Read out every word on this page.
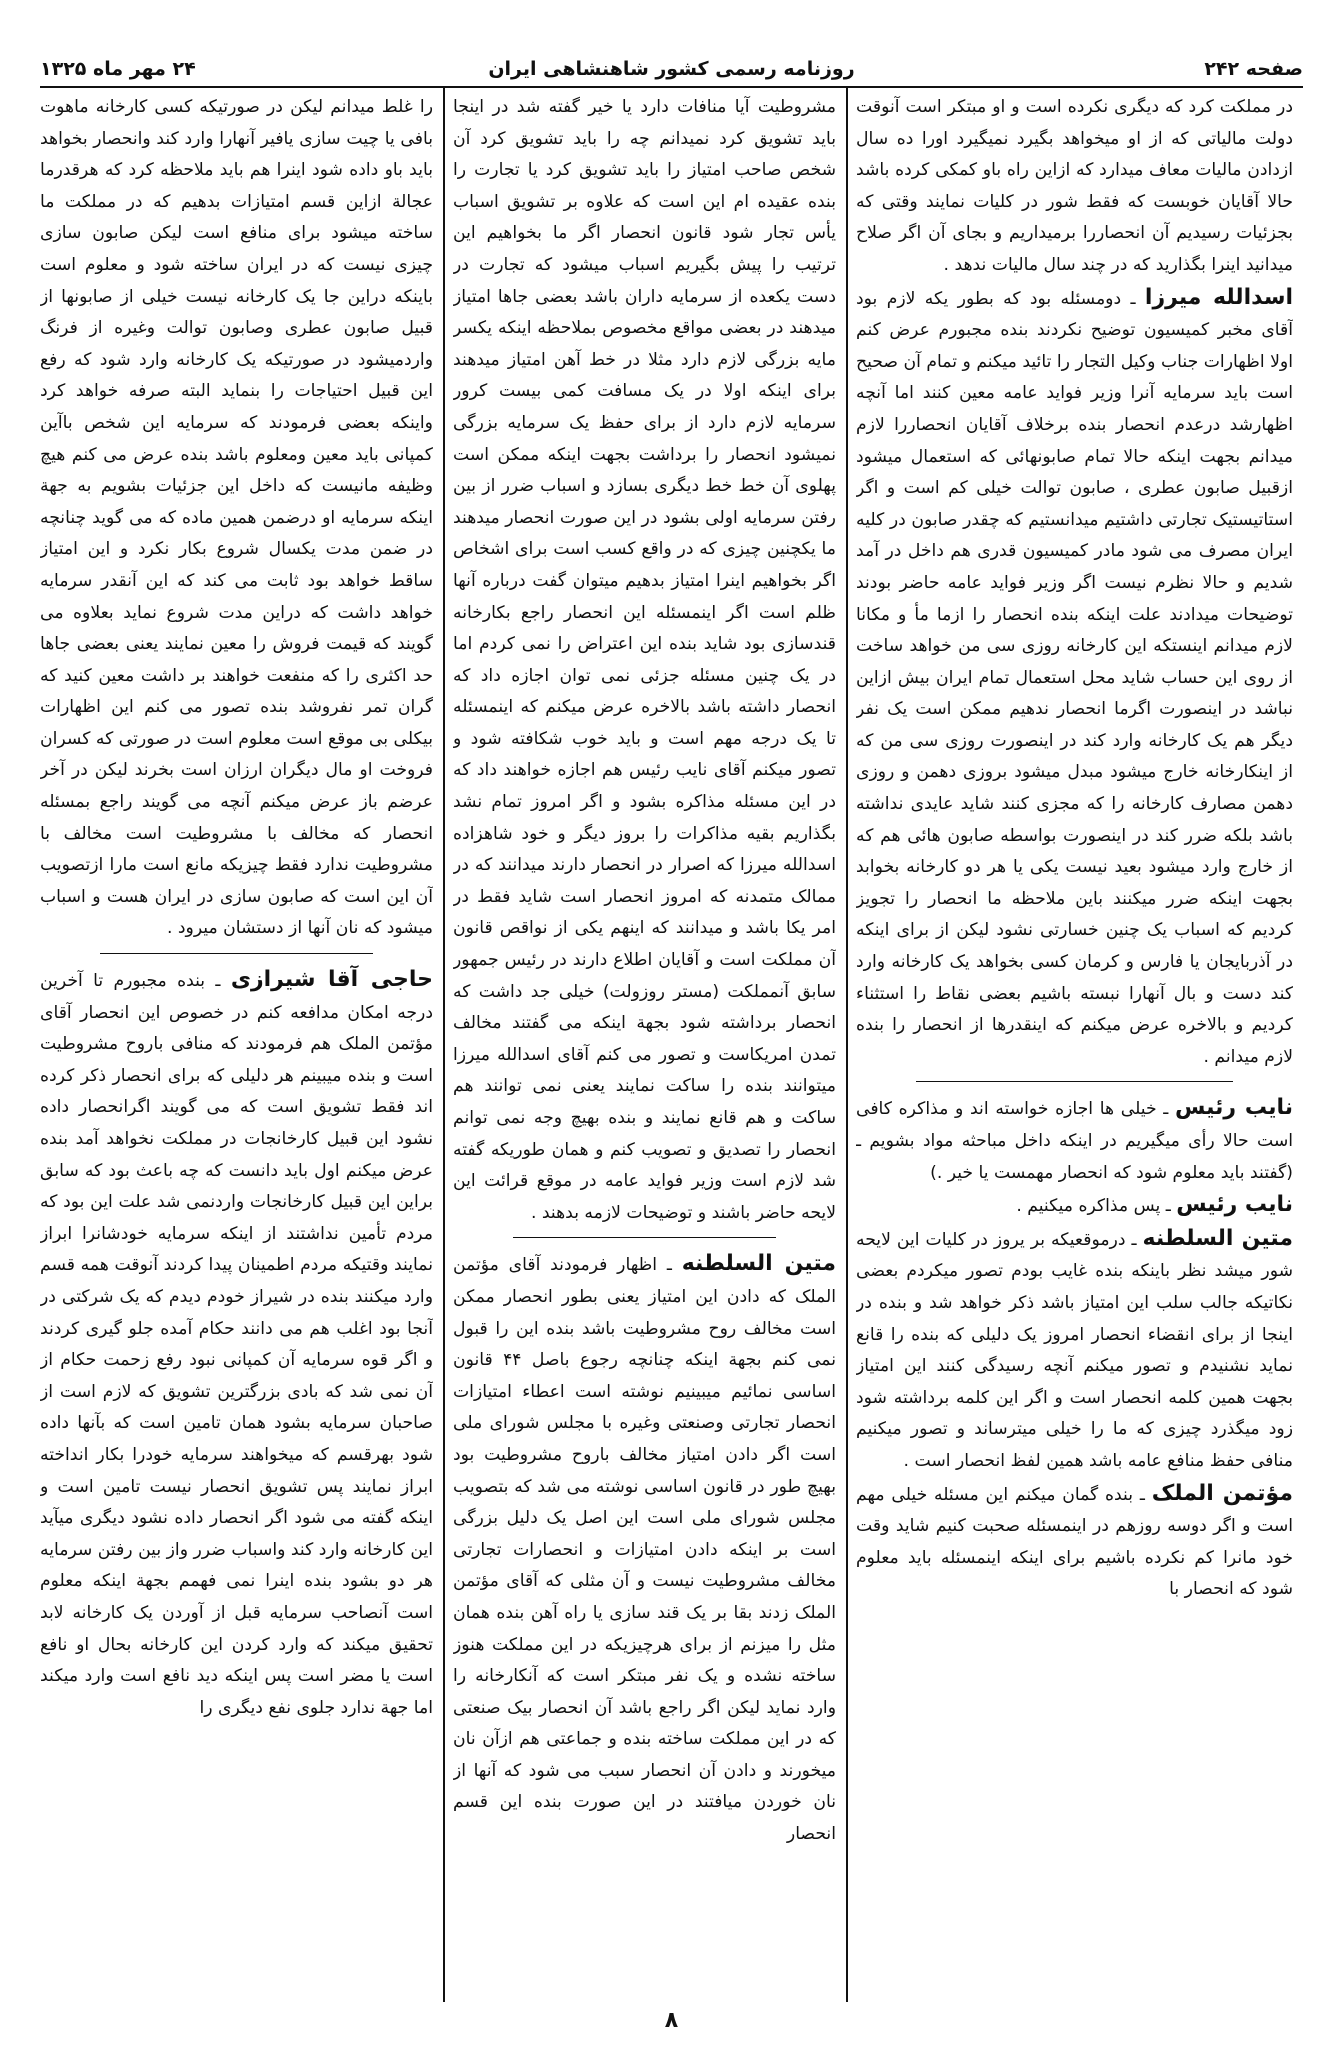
صفحه ۲۴۲
روزنامه رسمی کشور شاهنشاهی ایران
۲۴ مهر ماه ۱۳۲۵

در مملکت کرد که دیگری نکرده است و او مبتکر است آنوقت دولت مالیاتی که از او میخواهد بگیرد نمیگیرد اورا ده سال ازدادن مالیات معاف میدارد که ازاین راه باو کمکی کرده باشد حالا آقایان خوبست که فقط شور در کلیات نمایند وقتی که بجزئیات رسیدیم آن انحصاررا برمیداریم و بجای آن اگر صلاح میدانید اینرا بگذارید که در چند سال مالیات ندهد .

اسدالله میرزا ـ دومسئله بود که بطور یکه لازم بود آقای مخبر کمیسیون توضیح نکردند بنده مجبورم عرض کنم اولا اظهارات جناب وکیل التجار را تائید میکنم و تمام آن صحیح است باید سرمایه آنرا وزیر فواید عامه معین کنند اما آنچه اظهارشد درعدم انحصار بنده برخلاف آقایان انحصاررا لازم میدانم بجهت اینکه حالا تمام صابونهائی که استعمال میشود ازقبیل صابون عطری ، صابون توالت خیلی کم است و اگر استاتیستیک تجارتی داشتیم میدانستیم که چقدر صابون در کلیه ایران مصرف می شود مادر کمیسیون قدری هم داخل در آمد شدیم و حالا نظرم نیست اگر وزیر فواید عامه حاضر بودند توضیحات میدادند علت اینکه بنده انحصار را ازما مأ و مکانا لازم میدانم اینستکه این کارخانه روزی سی من خواهد ساخت از روی این حساب شاید محل استعمال تمام ایران بیش ازاین نباشد در اینصورت اگرما انحصار ندهیم ممکن است یک نفر دیگر هم یک کارخانه وارد کند در اینصورت روزی سی من که از اینکارخانه خارج میشود مبدل میشود بروزی دهمن و روزی دهمن مصارف کارخانه را که مجزی کنند شاید عایدی نداشته باشد بلکه ضرر کند در اینصورت بواسطه صابون هائی هم که از خارج وارد میشود بعید نیست یکی یا هر دو کارخانه بخوابد بجهت اینکه ضرر میکنند باین ملاحظه ما انحصار را تجویز کردیم که اسباب یک چنین خسارتی نشود لیکن از برای اینکه در آذربایجان یا فارس و کرمان کسی بخواهد یک کارخانه وارد کند دست و بال آنهارا نبسته باشیم بعضی نقاط را استثناء کردیم و بالاخره عرض میکنم که اینقدرها از انحصار را بنده لازم میدانم .

نایب رئیس ـ خیلی ها اجازه خواسته اند و مذاکره کافی است حالا رأی میگیریم در اینکه داخل مباحثه مواد بشویم ـ (گفتند باید معلوم شود که انحصار مهمست یا خیر .)

نایب رئیس ـ پس مذاکره میکنیم .

متین السلطنه ـ درموقعیکه بر یروز در کلیات این لایحه شور میشد نظر باینکه بنده غایب بودم تصور میکردم بعضی نکاتیکه جالب سلب این امتیاز باشد ذکر خواهد شد و بنده در اینجا از برای انقضاء انحصار امروز یک دلیلی که بنده را قانع نماید نشنیدم و تصور میکنم آنچه رسیدگی کنند این امتیاز بجهت همین کلمه انحصار است و اگر این کلمه برداشته شود زود میگذرد چیزی که ما را خیلی میترساند و تصور میکنیم منافی حفظ منافع عامه باشد همین لفظ انحصار است .

مؤتمن الملک ـ بنده گمان میکنم این مسئله خیلی مهم است و اگر دوسه روزهم در اینمسئله صحبت کنیم شاید وقت خود مانرا کم نکرده باشیم برای اینکه اینمسئله باید معلوم شود که انحصار با

مشروطیت آیا منافات دارد یا خیر گفته شد در اینجا باید تشویق کرد نمیدانم چه را باید تشویق کرد آن شخص صاحب امتیاز را باید تشویق کرد یا تجارت را بنده عقیده ام این است که علاوه بر تشویق اسباب یأس تجار شود قانون انحصار اگر ما بخواهیم این ترتیب را پیش بگیریم اسباب میشود که تجارت در دست یکعده از سرمایه داران باشد بعضی جاها امتیاز میدهند در بعضی مواقع مخصوص بملاحظه اینکه یکسر مایه بزرگی لازم دارد مثلا در خط آهن امتیاز میدهند برای اینکه اولا در یک مسافت کمی بیست کرور سرمایه لازم دارد از برای حفظ یک سرمایه بزرگی نمیشود انحصار را برداشت بجهت اینکه ممکن است پهلوی آن خط خط دیگری بسازد و اسباب ضرر از بین رفتن سرمایه اولی بشود در این صورت انحصار میدهند ما یکچنین چیزی که در واقع کسب است برای اشخاص اگر بخواهیم اینرا امتیاز بدهیم میتوان گفت درباره آنها ظلم است اگر اینمسئله این انحصار راجع بکارخانه قندسازی بود شاید بنده این اعتراض را نمی کردم اما در یک چنین مسئله جزئی نمی توان اجازه داد که انحصار داشته باشد بالاخره عرض میکنم که اینمسئله تا یک درجه مهم است و باید خوب شکافته شود و تصور میکنم آقای نایب رئیس هم اجازه خواهند داد که در این مسئله مذاکره بشود و اگر امروز تمام نشد بگذاریم بقیه مذاکرات را بروز دیگر و خود شاهزاده اسدالله میرزا که اصرار در انحصار دارند میدانند که در ممالک متمدنه که امروز انحصار است شاید فقط در امر یکا باشد و میدانند که اینهم یکی از نواقص قانون آن مملکت است و آقایان اطلاع دارند در رئیس جمهور سابق آنمملکت (مستر روزولت) خیلی جد داشت که انحصار برداشته شود بجهة اینکه می گفتند مخالف تمدن امریکاست و تصور می کنم آقای اسدالله میرزا میتوانند بنده را ساکت نمایند یعنی نمی توانند هم ساکت و هم قانع نمایند و بنده بهیچ وجه نمی توانم انحصار را تصدیق و تصویب کنم و همان طوریکه گفته شد لازم است وزیر فواید عامه در موقع قرائت این لایحه حاضر باشند و توضیحات لازمه بدهند .

متین السلطنه ـ اظهار فرمودند آقای مؤتمن الملک که دادن این امتیاز یعنی بطور انحصار ممکن است مخالف روح مشروطیت باشد بنده این را قبول نمی کنم بجهة اینکه چنانچه رجوع باصل ۴۴ قانون اساسی نمائیم میبینیم نوشته است اعطاء امتیازات انحصار تجارتی وصنعتی وغیره با مجلس شورای ملی است اگر دادن امتیاز مخالف باروح مشروطیت بود بهیچ طور در قانون اساسی نوشته می شد که بتصویب مجلس شورای ملی است این اصل یک دلیل بزرگی است بر اینکه دادن امتیازات و انحصارات تجارتی مخالف مشروطیت نیست و آن مثلی که آقای مؤتمن الملک زدند بقا بر یک قند سازی یا راه آهن بنده همان مثل را میزنم از برای هرچیزیکه در این مملکت هنوز ساخته نشده و یک نفر مبتکر است که آنکارخانه را وارد نماید لیکن اگر راجع باشد آن انحصار بیک صنعتی که در این مملکت ساخته بنده و جماعتی هم ازآن نان میخورند و دادن آن انحصار سبب می شود که آنها از نان خوردن میافتند در این صورت بنده این قسم انحصار

را غلط میدانم لیکن در صورتیکه کسی کارخانه ماهوت بافی یا چیت سازی یافیر آنهارا وارد کند وانحصار بخواهد باید باو داده شود اینرا هم باید ملاحظه کرد که هرقدرما عجالة ازاین قسم امتیازات بدهیم که در مملکت ما ساخته میشود برای منافع است لیکن صابون سازی چیزی نیست که در ایران ساخته شود و معلوم است باینکه دراین جا یک کارخانه نیست خیلی از صابونها از قبیل صابون عطری وصابون توالت وغیره از فرنگ واردمیشود در صورتیکه یک کارخانه وارد شود که رفع این قبیل احتیاجات را بنماید البته صرفه خواهد کرد واینکه بعضی فرمودند که سرمایه این شخص باآین کمپانی باید معین ومعلوم باشد بنده عرض می کنم هیچ وظیفه مانیست که داخل این جزئیات بشویم به جهة اینکه سرمایه او درضمن همین ماده که می گوید چنانچه در ضمن مدت یکسال شروع بکار نکرد و این امتیاز ساقط خواهد بود ثابت می کند که این آنقدر سرمایه خواهد داشت که دراین مدت شروع نماید بعلاوه می گویند که قیمت فروش را معین نمایند یعنی بعضی جاها حد اکثری را که منفعت خواهند بر داشت معین کنید که گران تمر نفروشد بنده تصور می کنم این اظهارات بیکلی بی موقع است معلوم است در صورتی که کسران فروخت او مال دیگران ارزان است بخرند لیکن در آخر عرضم باز عرض میکنم آنچه می گویند راجع بمسئله انحصار که مخالف با مشروطیت است مخالف با مشروطیت ندارد فقط چیزیکه مانع است مارا ازتصویب آن این است که صابون سازی در ایران هست و اسباب میشود که نان آنها از دستشان میرود .

حاجی آقا شیرازی ـ بنده مجبورم تا آخرین درجه امکان مدافعه کنم در خصوص این انحصار آقای مؤتمن الملک هم فرمودند که منافی باروح مشروطیت است و بنده میبینم هر دلیلی که برای انحصار ذکر کرده اند فقط تشویق است که می گویند اگرانحصار داده نشود این قبیل کارخانجات در مملکت نخواهد آمد بنده عرض میکنم اول باید دانست که چه باعث بود که سابق براین این قبیل کارخانجات واردنمی شد علت این بود که مردم تأمین نداشتند از اینکه سرمایه خودشانرا ابراز نمایند وقتیکه مردم اطمینان پیدا کردند آنوقت همه قسم وارد میکنند بنده در شیراز خودم دیدم که یک شرکتی در آنجا بود اغلب هم می دانند حکام آمده جلو گیری کردند و اگر قوه سرمایه آن کمپانی نبود رفع زحمت حکام از آن نمی شد که بادی بزرگترین تشویق که لازم است از صاحبان سرمایه بشود همان تامین است که بآنها داده شود بهرقسم که میخواهند سرمایه خودرا بکار انداخته ابراز نمایند پس تشویق انحصار نیست تامین است و اینکه گفته می شود اگر انحصار داده نشود دیگری میآید این کارخانه وارد کند واسباب ضرر واز بین رفتن سرمایه هر دو بشود بنده اینرا نمی فهمم بجهة اینکه معلوم است آنصاحب سرمایه قبل از آوردن یک کارخانه لابد تحقیق میکند که وارد کردن این کارخانه بحال او نافع است یا مضر است پس اینکه دید نافع است وارد میکند اما جهة ندارد جلوی نفع دیگری را

۸
